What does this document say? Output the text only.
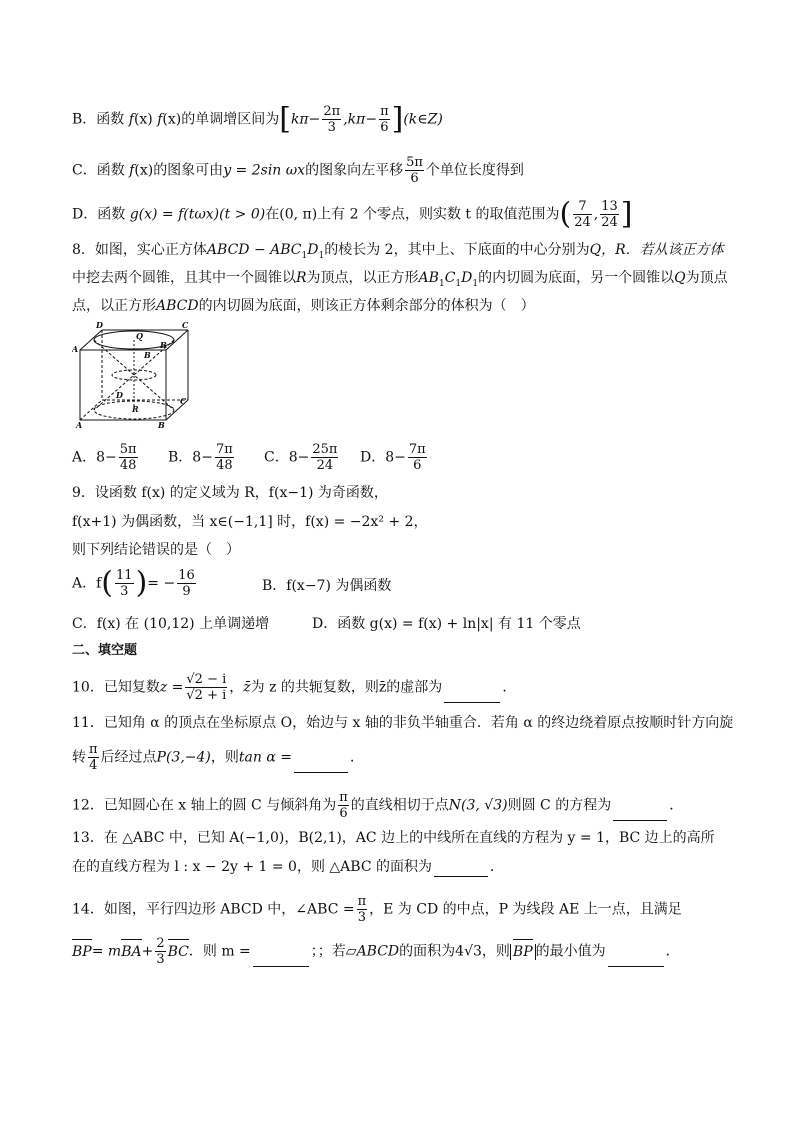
B．函数 f(x) f(x)的单调增区间为[$k\pi- \frac{2\pi}{3} ,k\pi- \frac{\pi}{6}$ ](k∈Z)
C．函数 f(x)的图象可由y = 2sin ωx的图象向左平移 $\frac{5\pi}{6}$ 个单位长度得到
D．函数 g(x) = f(tωx)(t > 0)在(0, π)上有 2 个零点，则实数 t 的取值范围为( $\frac{7}{24}$ , $\frac{13}{24}$ ]
8．如图，实心正方体ABCD − $ABC_1D_1$的棱长为 2，其中上、下底面的中心分别为Q，R．若从该正方体
中挖去两个圆锥，且其中一个圆锥以R为顶点，以正方形$AB_1C_1D_1$的内切圆为底面，另一个圆锥以Q为顶点
点，以正方形ABCD的内切圆为底面，则该正方体剩余部分的体积为（　）
D	C
A	B
Q
B
D
R
C
A	B
A．$8- \frac{5\pi}{48}$ B．$8- \frac{7\pi}{48}$ C．$8- \frac{25\pi}{24}$ D．$8- \frac{7\pi}{6}$
9．设函数 f(x) 的定义域为 R，f(x−1) 为奇函数，
f(x+1) 为偶函数，当 x∈(−1,1] 时，f(x) = −2x² + 2，
则下列结论错误的是（　）
A．$f( \frac{11}{3}$ )= − $\frac{16}{9}$	B．f(x−7) 为偶函数
C．f(x) 在 (10,12) 上单调递增	D．函数 g(x) = f(x) + ln|x| 有 11 个零点
二、填空题
10．已知复数$z = \frac{√2 - i}{√2 + i}$ ，z̄为 z 的共轭复数，则z̄的虚部为	．
11．已知角 α 的顶点在坐标原点 O，始边与 x 轴的非负半轴重合．若角 α 的终边绕着原点按顺时针方向旋
转 $\frac{\pi}{4}$ 后经过点P(3,−4)，则tan α =	．
12．已知圆心在 x 轴上的圆 C 与倾斜角为 $\frac{\pi}{6}$ 的直线相切于点N(3, √3)则圆 C 的方程为	．
13．在 △ABC 中，已知 A(−1,0)，B(2,1)，AC 边上的中线所在直线的方程为 y = 1，BC 边上的高所
在的直线方程为 l : x − 2y + 1 = 0，则 △ABC 的面积为	．
14．如图，平行四边形 ABCD 中，∠ABC = $\frac{\pi}{3}$ ，E 为 CD 的中点，P 为线段 AE 上一点，且满足
$BP= mBA+ \frac{2}{3}$ BC．则 m =	；；若▱ABCD的面积为4√3，则 BP 的最小值为	．
